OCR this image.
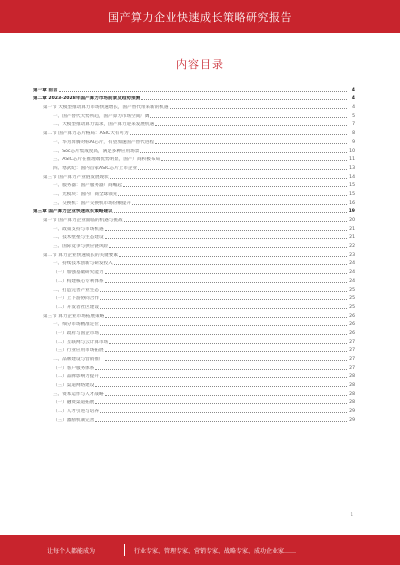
国产算力企业快速成长策略研究报告
内容目录
第一章 前言	4
第二章 2023-2028年国产算力市场前景及趋势预测	4
第一节 大模型推动算力市场快速增长，国产替代带来新的机遇	4
一、国产替代大势所趋，国产算力市场空间广阔	5
二、大模型推动算力需求，国产算力迎来发展机遇	7
第二节 国产算力芯片格局：ASIC大有可为	8
一、华为昇腾对标AI芯片，有望加速国产替代进程	9
二、Soc芯片集成度高，满足多种应用场景	10
三、ASIC芯片在推理端优势明显，国产厂商积极布局	11
四、寒武纪：国内首家ASIC芯片上市企业	13
第三节 国产算力产业链发展现状	14
一、服务器：国产服务器厂商崛起	15
二、光模块：国内厂商全球领先	15
三、交换机：国产交换机市场份额提升	16
第三章 国产算力企业快速成长策略建议	19
第一节 国产算力企业面临的机遇与挑战	20
一、政策支持与市场机遇	21
二、技术壁垒与生态建设	21
三、国际竞争与供应链风险	22
第二节 算力企业快速成长的关键要素	23
一、持续技术创新与研发投入	24
（一）加强基础研究能力	24
（二）构建核心专利体系	24
二、打造完善产业生态	25
（一）上下游协同合作	25
（二）开发者社区建设	25
第三节 算力企业市场拓展策略	26
一、细分市场精准定位	26
（一）政府与国企市场	26
（二）互联网与云计算市场	27
（三）行业应用市场拓展	27
二、品牌建设与营销推广	27
（一）客户服务体系	27
（二）品牌影响力提升	28
（三）渠道网络建设	28
三、资本运作与人才战略	28
（一）融资渠道拓展	28
（二）人才引进与培养	29
（三）激励机制完善	29
1
让每个人都能成为	行业专家、管理专家、营销专家、战略专家、成功企业家……
